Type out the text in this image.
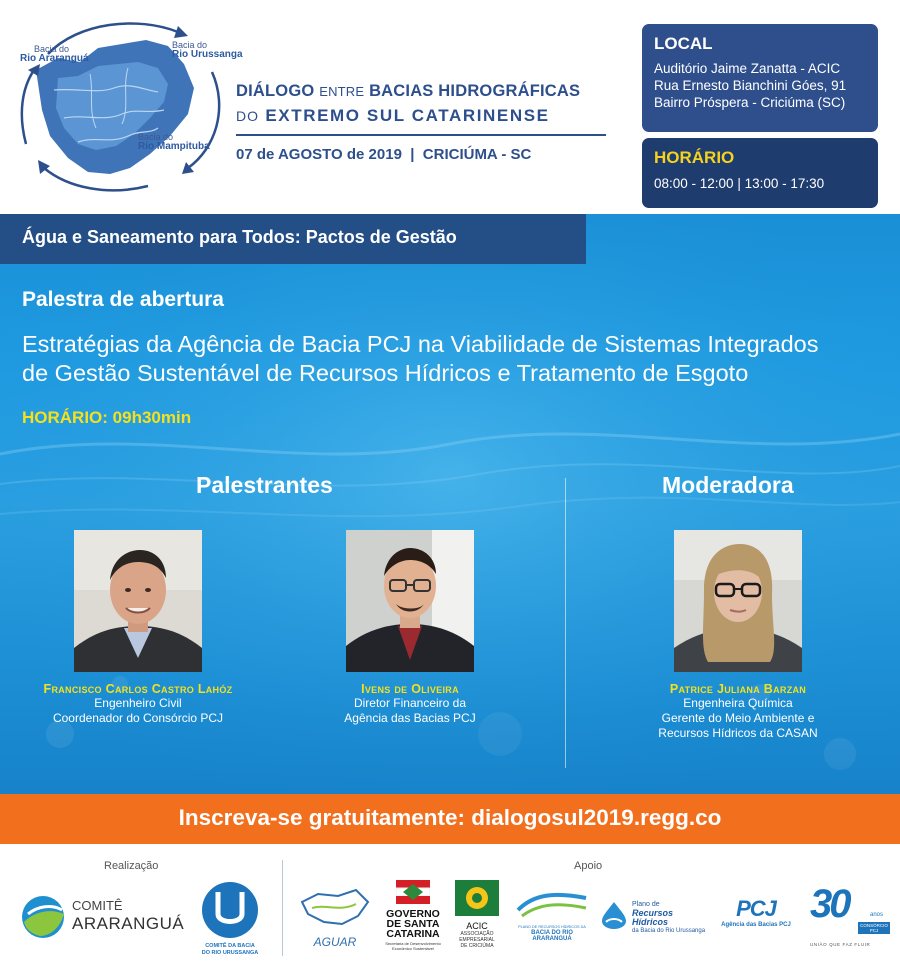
Bacia do
Rio Araranguá
Bacia do
Rio Urussanga
Bacia do
Rio Mampituba
DIÁLOGO ENTRE BACIAS HIDROGRÁFICAS
DO EXTREMO SUL CATARINENSE
07 de AGOSTO de 2019  |  CRICIÚMA - SC
LOCAL
Auditório Jaime Zanatta - ACIC
Rua Ernesto Bianchini Góes, 91
Bairro Próspera - Criciúma (SC)
HORÁRIO
08:00 - 12:00 | 13:00 - 17:30
Água e Saneamento para Todos: Pactos de Gestão
Palestra de abertura
Estratégias da Agência de Bacia PCJ na Viabilidade de Sistemas Integrados
de Gestão Sustentável de Recursos Hídricos e Tratamento de Esgoto
HORÁRIO: 09h30min
Palestrantes	Moderadora
Francisco Carlos Castro Lahóz
Engenheiro Civil
Coordenador do Consórcio PCJ
Ivens de Oliveira
Diretor Financeiro da
Agência das Bacias PCJ
Patrice Juliana Barzan
Engenheira Química
Gerente do Meio Ambiente e
Recursos Hídricos da CASAN
Inscreva-se gratuitamente: dialogosul2019.regg.co
Realização	Apoio
COMITÊ
ARARANGUÁ
COMITÊ DA BACIA
DO RIO URUSSANGA
AGUAR
GOVERNO
DE SANTA
CATARINA
Secretaria de Desenvolvimento
Econômico Sustentável
ACIC
ASSOCIAÇÃO
EMPRESARIAL
DE CRICIÚMA
PLANO DE RECURSOS HÍDRICOS DA
BACIA DO RIO ARARANGUÁ
Plano de
Recursos Hídricos
da Bacia do Rio Urussanga
PCJ
Agência das Bacias PCJ 30	anos
CONSÓRCIO
PCJ
UNIÃO QUE FAZ FLUIR
